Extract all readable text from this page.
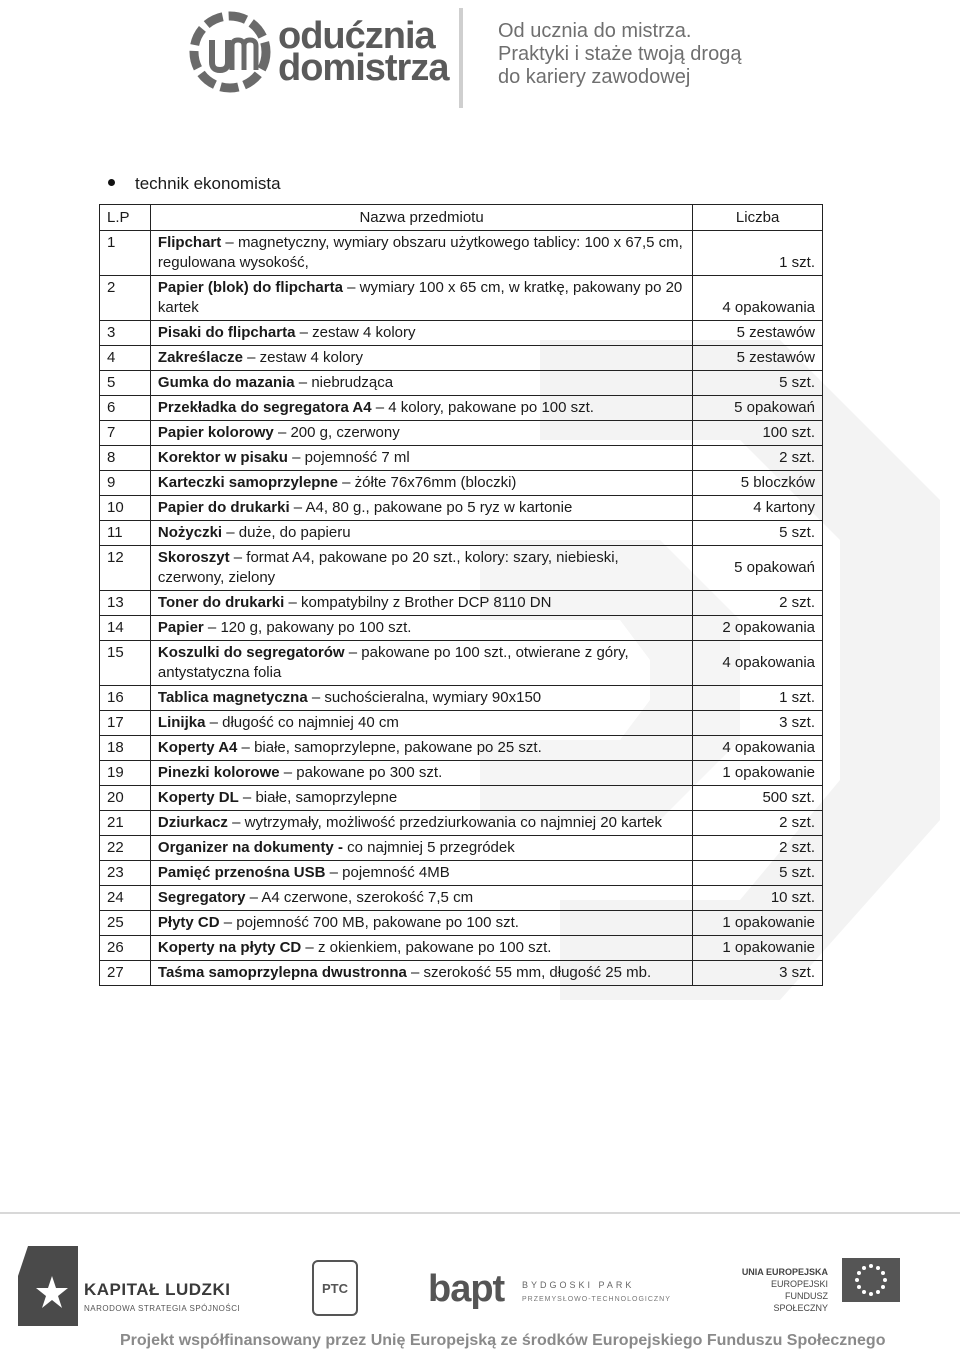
odućznia
domistrza
Od ucznia do mistrza.
Praktyki i staże twoją drogą
do kariery zawodowej
technik ekonomista
L.P	Nazwa przedmiotu	Liczba
1	Flipchart – magnetyczny, wymiary obszaru użytkowego tablicy: 100 x 67,5 cm, regulowana wysokość,	1 szt.
2	Papier (blok) do flipcharta – wymiary 100 x 65 cm, w kratkę, pakowany po 20 kartek	4 opakowania
3	Pisaki do flipcharta – zestaw 4 kolory	5 zestawów
4	Zakreślacze – zestaw 4 kolory	5 zestawów
5	Gumka do mazania – niebrudząca	5 szt.
6	Przekładka do segregatora A4 – 4 kolory, pakowane po 100 szt.	5 opakowań
7	Papier kolorowy – 200 g, czerwony	100 szt.
8	Korektor w pisaku – pojemność 7 ml	2 szt.
9	Karteczki samoprzylepne – żółte 76x76mm (bloczki)	5 bloczków
10	Papier do drukarki – A4, 80 g., pakowane po 5 ryz w kartonie	4 kartony
11	Nożyczki – duże, do papieru	5 szt.
12	Skoroszyt – format A4, pakowane po 20 szt., kolory: szary, niebieski, czerwony, zielony	5 opakowań
13	Toner do drukarki – kompatybilny z Brother DCP 8110 DN	2 szt.
14	Papier – 120 g, pakowany po 100 szt.	2 opakowania
15	Koszulki do segregatorów – pakowane po 100 szt., otwierane z góry, antystatyczna folia	4 opakowania
16	Tablica magnetyczna – suchościeralna, wymiary 90x150	1 szt.
17	Linijka – długość co najmniej 40 cm	3 szt.
18	Koperty A4 – białe, samoprzylepne, pakowane po 25 szt.	4 opakowania
19	Pinezki kolorowe – pakowane po 300 szt.	1 opakowanie
20	Koperty DL – białe, samoprzylepne	500 szt.
21	Dziurkacz – wytrzymały, możliwość przedziurkowania co najmniej 20 kartek	2 szt.
22	Organizer na dokumenty - co najmniej 5 przegródek	2 szt.
23	Pamięć przenośna USB – pojemność 4MB	5 szt.
24	Segregatory – A4 czerwone, szerokość 7,5 cm	10 szt.
25	Płyty CD – pojemność 700 MB, pakowane po 100 szt.	1 opakowanie
26	Koperty na płyty CD – z okienkiem, pakowane po 100 szt.	1 opakowanie
27	Taśma samoprzylepna dwustronna – szerokość 55 mm, długość 25 mb.	3 szt.
KAPITAŁ LUDZKI
NARODOWA STRATEGIA SPÓJNOŚCI
PTC bapt BYDGOSKI PARK
PRZEMYSŁOWO-TECHNOLOGICZNY
UNIA EUROPEJSKA
EUROPEJSKI
FUNDUSZ SPOŁECZNY
Projekt współfinansowany przez Unię Europejską ze środków Europejskiego Funduszu Społecznego
